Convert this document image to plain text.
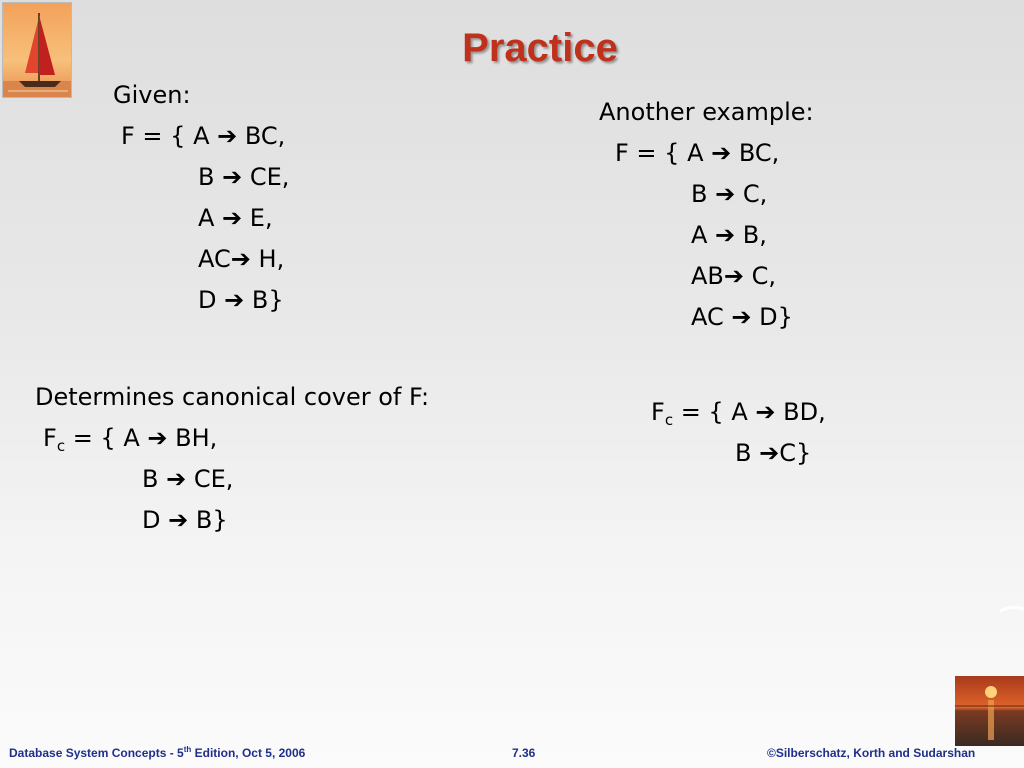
Practice
Given:
F = { A ➔ BC,
B ➔ CE,
A ➔ E,
AC➔ H,
D ➔ B}
Another example:
F = { A ➔ BC,
B ➔ C,
A ➔ B,
AB➔ C,
AC ➔ D}
Determines canonical cover of F:
$F_c$ = { A ➔ BH,
B ➔ CE,
D ➔ B}
$F_c$ = { A ➔ BD,
B ➔C}
Database System Concepts - 5th Edition, Oct 5, 2006	7.36	©Silberschatz, Korth and Sudarshan
